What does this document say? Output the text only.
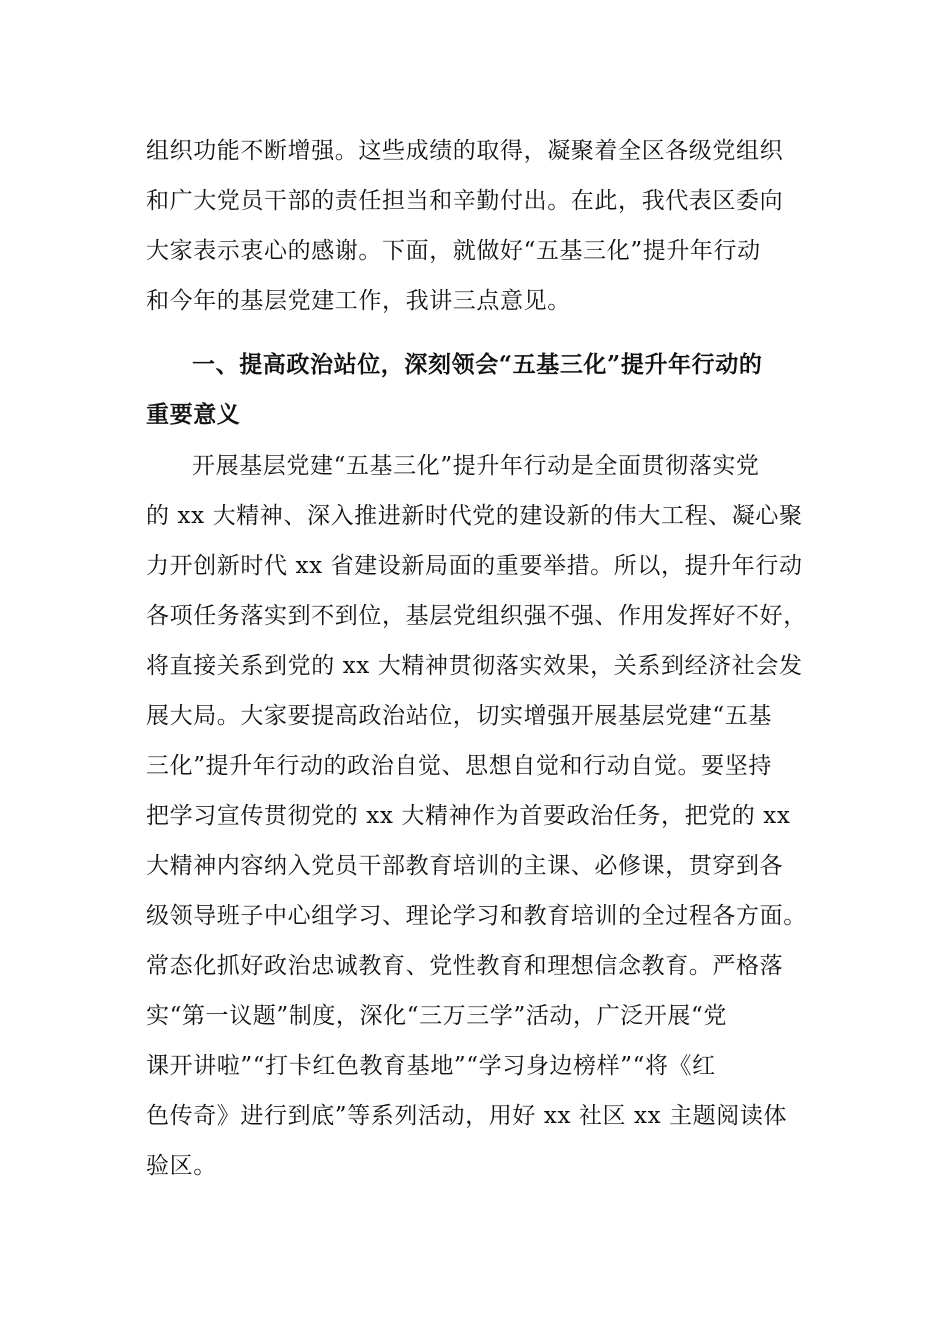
组织功能不断增强。这些成绩的取得，凝聚着全区各级党组织
和广大党员干部的责任担当和辛勤付出。在此，我代表区委向
大家表示衷心的感谢。下面，就做好“五基三化”提升年行动
和今年的基层党建工作，我讲三点意见。
一、提高政治站位，深刻领会“五基三化”提升年行动的
重要意义
开展基层党建“五基三化”提升年行动是全面贯彻落实党
的 xx 大精神、深入推进新时代党的建设新的伟大工程、凝心聚
力开创新时代 xx 省建设新局面的重要举措。所以，提升年行动
各项任务落实到不到位，基层党组织强不强、作用发挥好不好，
将直接关系到党的 xx 大精神贯彻落实效果，关系到经济社会发
展大局。大家要提高政治站位，切实增强开展基层党建“五基
三化”提升年行动的政治自觉、思想自觉和行动自觉。要坚持
把学习宣传贯彻党的 xx 大精神作为首要政治任务，把党的 xx
大精神内容纳入党员干部教育培训的主课、必修课，贯穿到各
级领导班子中心组学习、理论学习和教育培训的全过程各方面。
常态化抓好政治忠诚教育、党性教育和理想信念教育。严格落
实“第一议题”制度，深化“三万三学”活动，广泛开展“党
课开讲啦”“打卡红色教育基地”“学习身边榜样”“将《红
色传奇》进行到底”等系列活动，用好 xx 社区 xx 主题阅读体
验区。
